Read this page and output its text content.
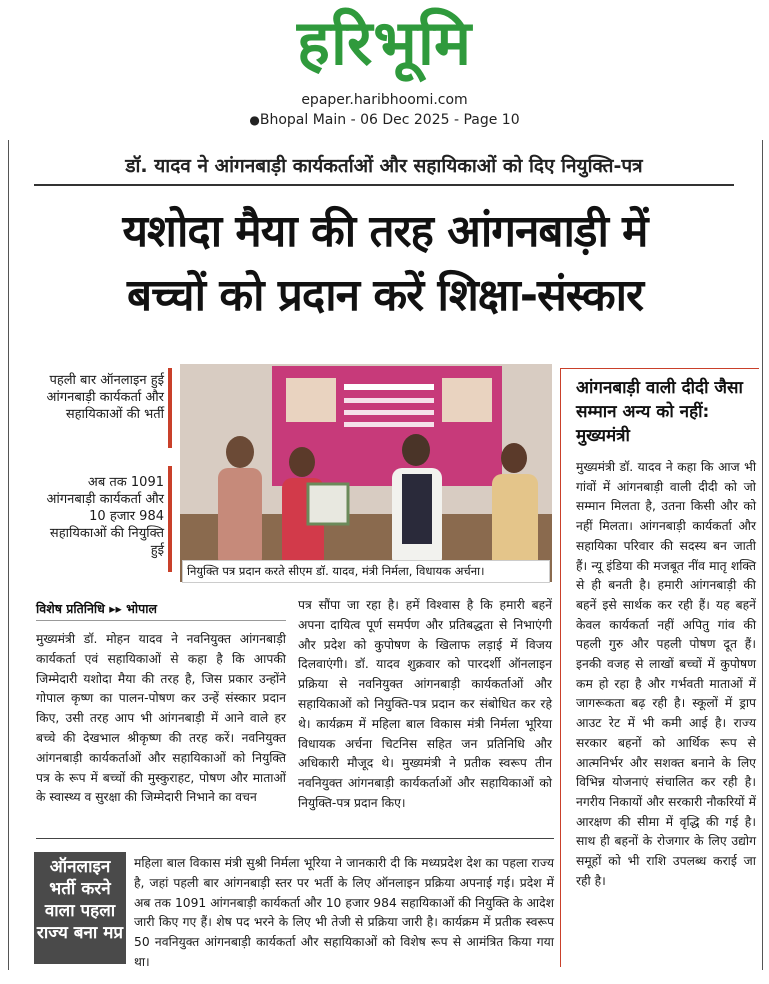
हरिभूमि
epaper.haribhoomi.com
●Bhopal Main - 06 Dec 2025 - Page 10
डॉ. यादव ने आंगनबाड़ी कार्यकर्ताओं और सहायिकाओं को दिए नियुक्ति-पत्र
यशोदा मैया की तरह आंगनबाड़ी में
बच्चों को प्रदान करें शिक्षा-संस्कार
पहली बार ऑनलाइन हुई आंगनबाड़ी कार्यकर्ता और सहायिकाओं की भर्ती
अब तक 1091 आंगनबाड़ी कार्यकर्ता और 10 हजार 984 सहायिकाओं की नियुक्ति हुई
नियुक्ति पत्र प्रदान करते सीएम डॉ. यादव, मंत्री निर्मला, विधायक अर्चना।
आंगनबाड़ी वाली दीदी जैसा सम्मान अन्य को नहीं: मुख्यमंत्री
मुख्यमंत्री डॉ. यादव ने कहा कि आज भी गांवों में आंगनबाड़ी वाली दीदी को जो सम्मान मिलता है, उतना किसी और को नहीं मिलता। आंगनबाड़ी कार्यकर्ता और सहायिका परिवार की सदस्य बन जाती हैं। न्यू इंडिया की मजबूत नींव मातृ शक्ति से ही बनती है। हमारी आंगनबाड़ी की बहनें इसे सार्थक कर रही हैं। यह बहनें केवल कार्यकर्ता नहीं अपितु गांव की पहली गुरु और पहली पोषण दूत हैं। इनकी वजह से लाखों बच्चों में कुपोषण कम हो रहा है और गर्भवती माताओं में जागरूकता बढ़ रही है। स्कूलों में ड्राप आउट रेट में भी कमी आई है। राज्य सरकार बहनों को आर्थिक रूप से आत्मनिर्भर और सशक्त बनाने के लिए विभिन्न योजनाएं संचालित कर रही है। नगरीय निकायों और सरकारी नौकरियों में आरक्षण की सीमा में वृद्धि की गई है। साथ ही बहनों के रोजगार के लिए उद्योग समूहों को भी राशि उपलब्ध कराई जा रही है।
विशेष प्रतिनिधि ▸▸ भोपाल
मुख्यमंत्री डॉ. मोहन यादव ने नवनियुक्त आंगनबाड़ी कार्यकर्ता एवं सहायिकाओं से कहा है कि आपकी जिम्मेदारी यशोदा मैया की तरह है, जिस प्रकार उन्होंने गोपाल कृष्ण का पालन-पोषण कर उन्हें संस्कार प्रदान किए, उसी तरह आप भी आंगनबाड़ी में आने वाले हर बच्चे की देखभाल श्रीकृष्ण की तरह करें। नवनियुक्त आंगनबाड़ी कार्यकर्ताओं और सहायिकाओं को नियुक्ति पत्र के रूप में बच्चों की मुस्कुराहट, पोषण और माताओं के स्वास्थ्य व सुरक्षा की जिम्मेदारी निभाने का वचन
पत्र सौंपा जा रहा है। हमें विश्वास है कि हमारी बहनें अपना दायित्व पूर्ण समर्पण और प्रतिबद्धता से निभाएंगी और प्रदेश को कुपोषण के खिलाफ लड़ाई में विजय दिलवाएंगी। डॉ. यादव शुक्रवार को पारदर्शी ऑनलाइन प्रक्रिया से नवनियुक्त आंगनबाड़ी कार्यकर्ताओं और सहायिकाओं को नियुक्ति-पत्र प्रदान कर संबोधित कर रहे थे। कार्यक्रम में महिला बाल विकास मंत्री निर्मला भूरिया विधायक अर्चना चिटनिस सहित जन प्रतिनिधि और अधिकारी मौजूद थे। मुख्यमंत्री ने प्रतीक स्वरूप तीन नवनियुक्त आंगनबाड़ी कार्यकर्ताओं और सहायिकाओं को नियुक्ति-पत्र प्रदान किए।
ऑनलाइन भर्ती करने वाला पहला राज्य बना मप्र
महिला बाल विकास मंत्री सुश्री निर्मला भूरिया ने जानकारी दी कि मध्यप्रदेश देश का पहला राज्य है, जहां पहली बार आंगनबाड़ी स्तर पर भर्ती के लिए ऑनलाइन प्रक्रिया अपनाई गई। प्रदेश में अब तक 1091 आंगनबाड़ी कार्यकर्ता और 10 हजार 984 सहायिकाओं की नियुक्ति के आदेश जारी किए गए हैं। शेष पद भरने के लिए भी तेजी से प्रक्रिया जारी है। कार्यक्रम में प्रतीक स्वरूप 50 नवनियुक्त आंगनबाड़ी कार्यकर्ता और सहायिकाओं को विशेष रूप से आमंत्रित किया गया था।
